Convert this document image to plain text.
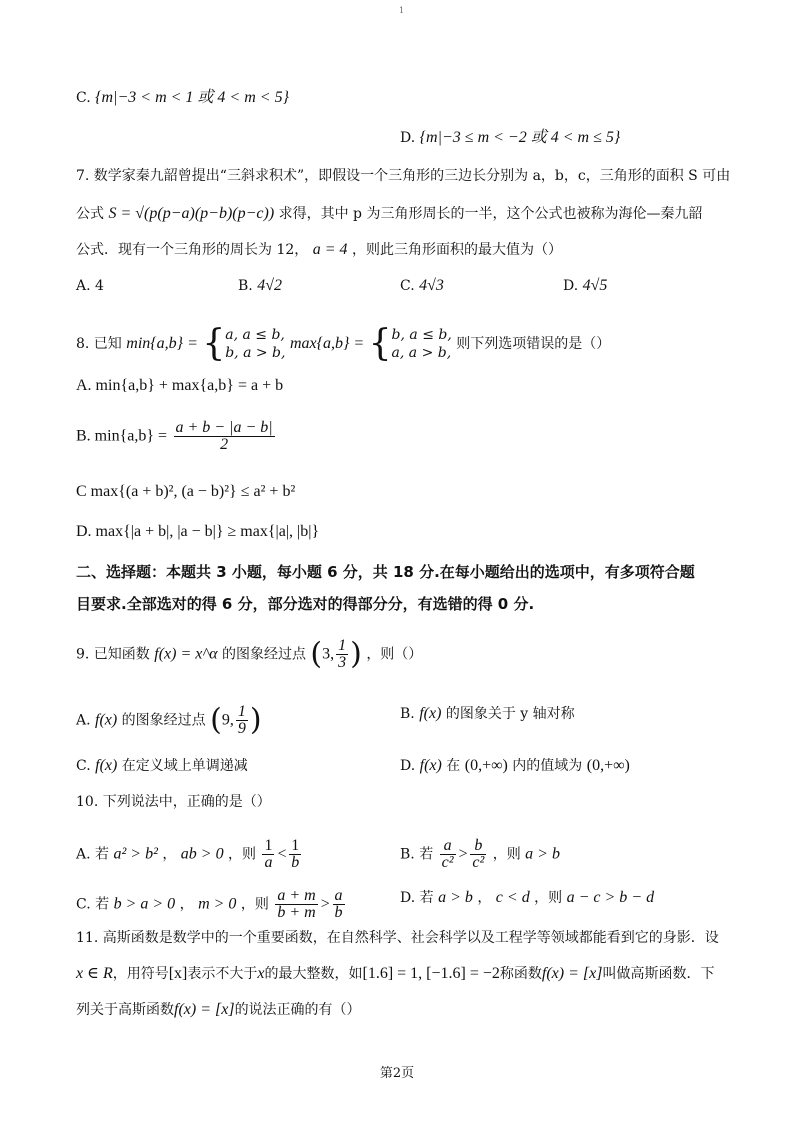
1
C. {m|−3 < m < 1 或 4 < m < 5}
D. {m|−3 ≤ m < −2 或 4 < m ≤ 5}
7. 数学家秦九韶曾提出“三斜求积术”，即假设一个三角形的三边长分别为 a，b，c，三角形的面积 S 可由
公式 S = √(p(p−a)(p−b)(p−c)) 求得，其中 p 为三角形周长的一半，这个公式也被称为海伦—秦九韶
公式．现有一个三角形的周长为 12， a = 4 ，则此三角形面积的最大值为（）
A. 4	B. 4√2	C. 4√3	D. 4√5
8. 已知 min{a,b} = { a, a ≤ b,
b, a > b,
max{a,b} = { b, a ≤ b,
a, a > b,
则下列选项错误的是（）
A. min{a,b} + max{a,b} = a + b
B. $\min\{a,b\} = \frac{a + b - |a - b|}{2}$
C max{(a + b)², (a − b)²} ≤ a² + b²
D. max{|a + b|, |a − b|} ≥ max{|a|, |b|}
二、选择题：本题共 3 小题，每小题 6 分，共 18 分.在每小题给出的选项中，有多项符合题
目要求.全部选对的得 6 分，部分选对的得部分分，有选错的得 0 分.
9. 已知函数 f(x) = x^α 的图象经过点 (3, $\frac{1}{3}$ ) ，则（）
A. f(x) 的图象经过点 (9, $\frac{1}{9}$ )	B. f(x) 的图象关于 y 轴对称
C. f(x) 在定义域上单调递减	D. f(x) 在 (0,+∞) 内的值域为 (0,+∞)
10. 下列说法中，正确的是（）
A. 若 a² > b² ， ab > 0 ，则 $\frac{1}{a} < \frac{1}{b}$	B. 若 $\frac{a}{\text{c²}} > \frac{b}{\text{c²}}$ ，则 a > b
C. 若 b > a > 0 ， m > 0 ，则 $\frac{a + m}{b + m} > \frac{a}{b}$	D. 若 a > b ， c < d ，则 a − c > b − d
11. 高斯函数是数学中的一个重要函数，在自然科学、社会科学以及工程学等领域都能看到它的身影．设
x ∈ R，用符号[x]表示不大于x的最大整数，如[1.6] = 1, [−1.6] = −2称函数f(x) = [x]叫做高斯函数．下
列关于高斯函数f(x) = [x]的说法正确的有（）
第2页
